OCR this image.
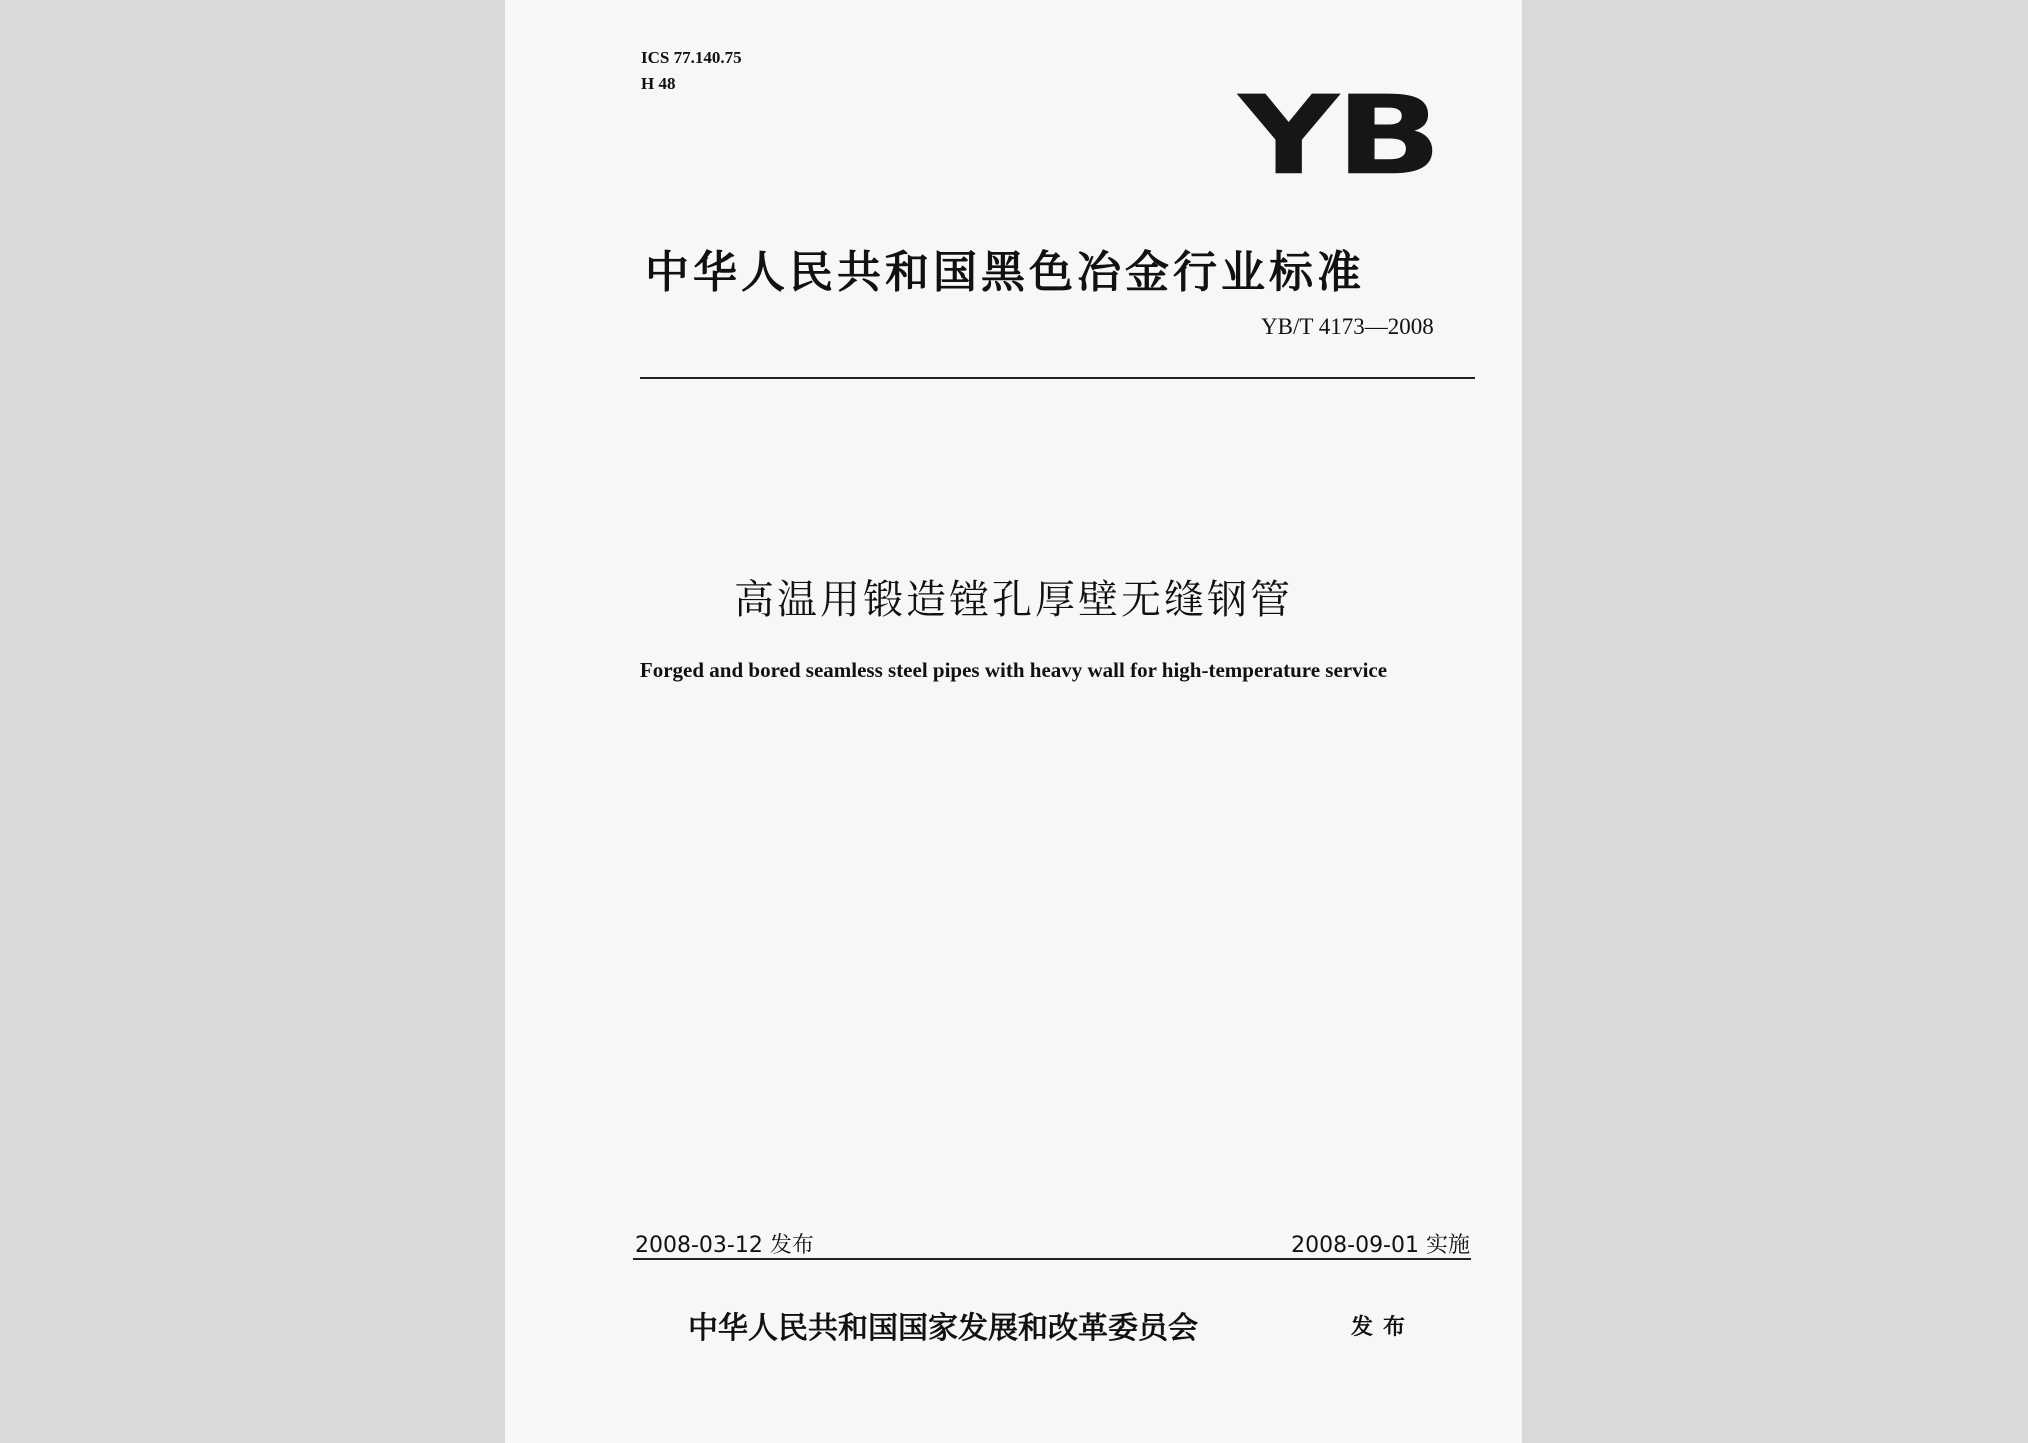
ICS 77.140.75
H 48	YB
中华人民共和国黑色冶金行业标准
YB/T 4173—2008
高温用锻造镗孔厚壁无缝钢管
Forged and bored seamless steel pipes with heavy wall for high-temperature service
2008-03-12 发布	2008-09-01 实施
中华人民共和国国家发展和改革委员会	发布
